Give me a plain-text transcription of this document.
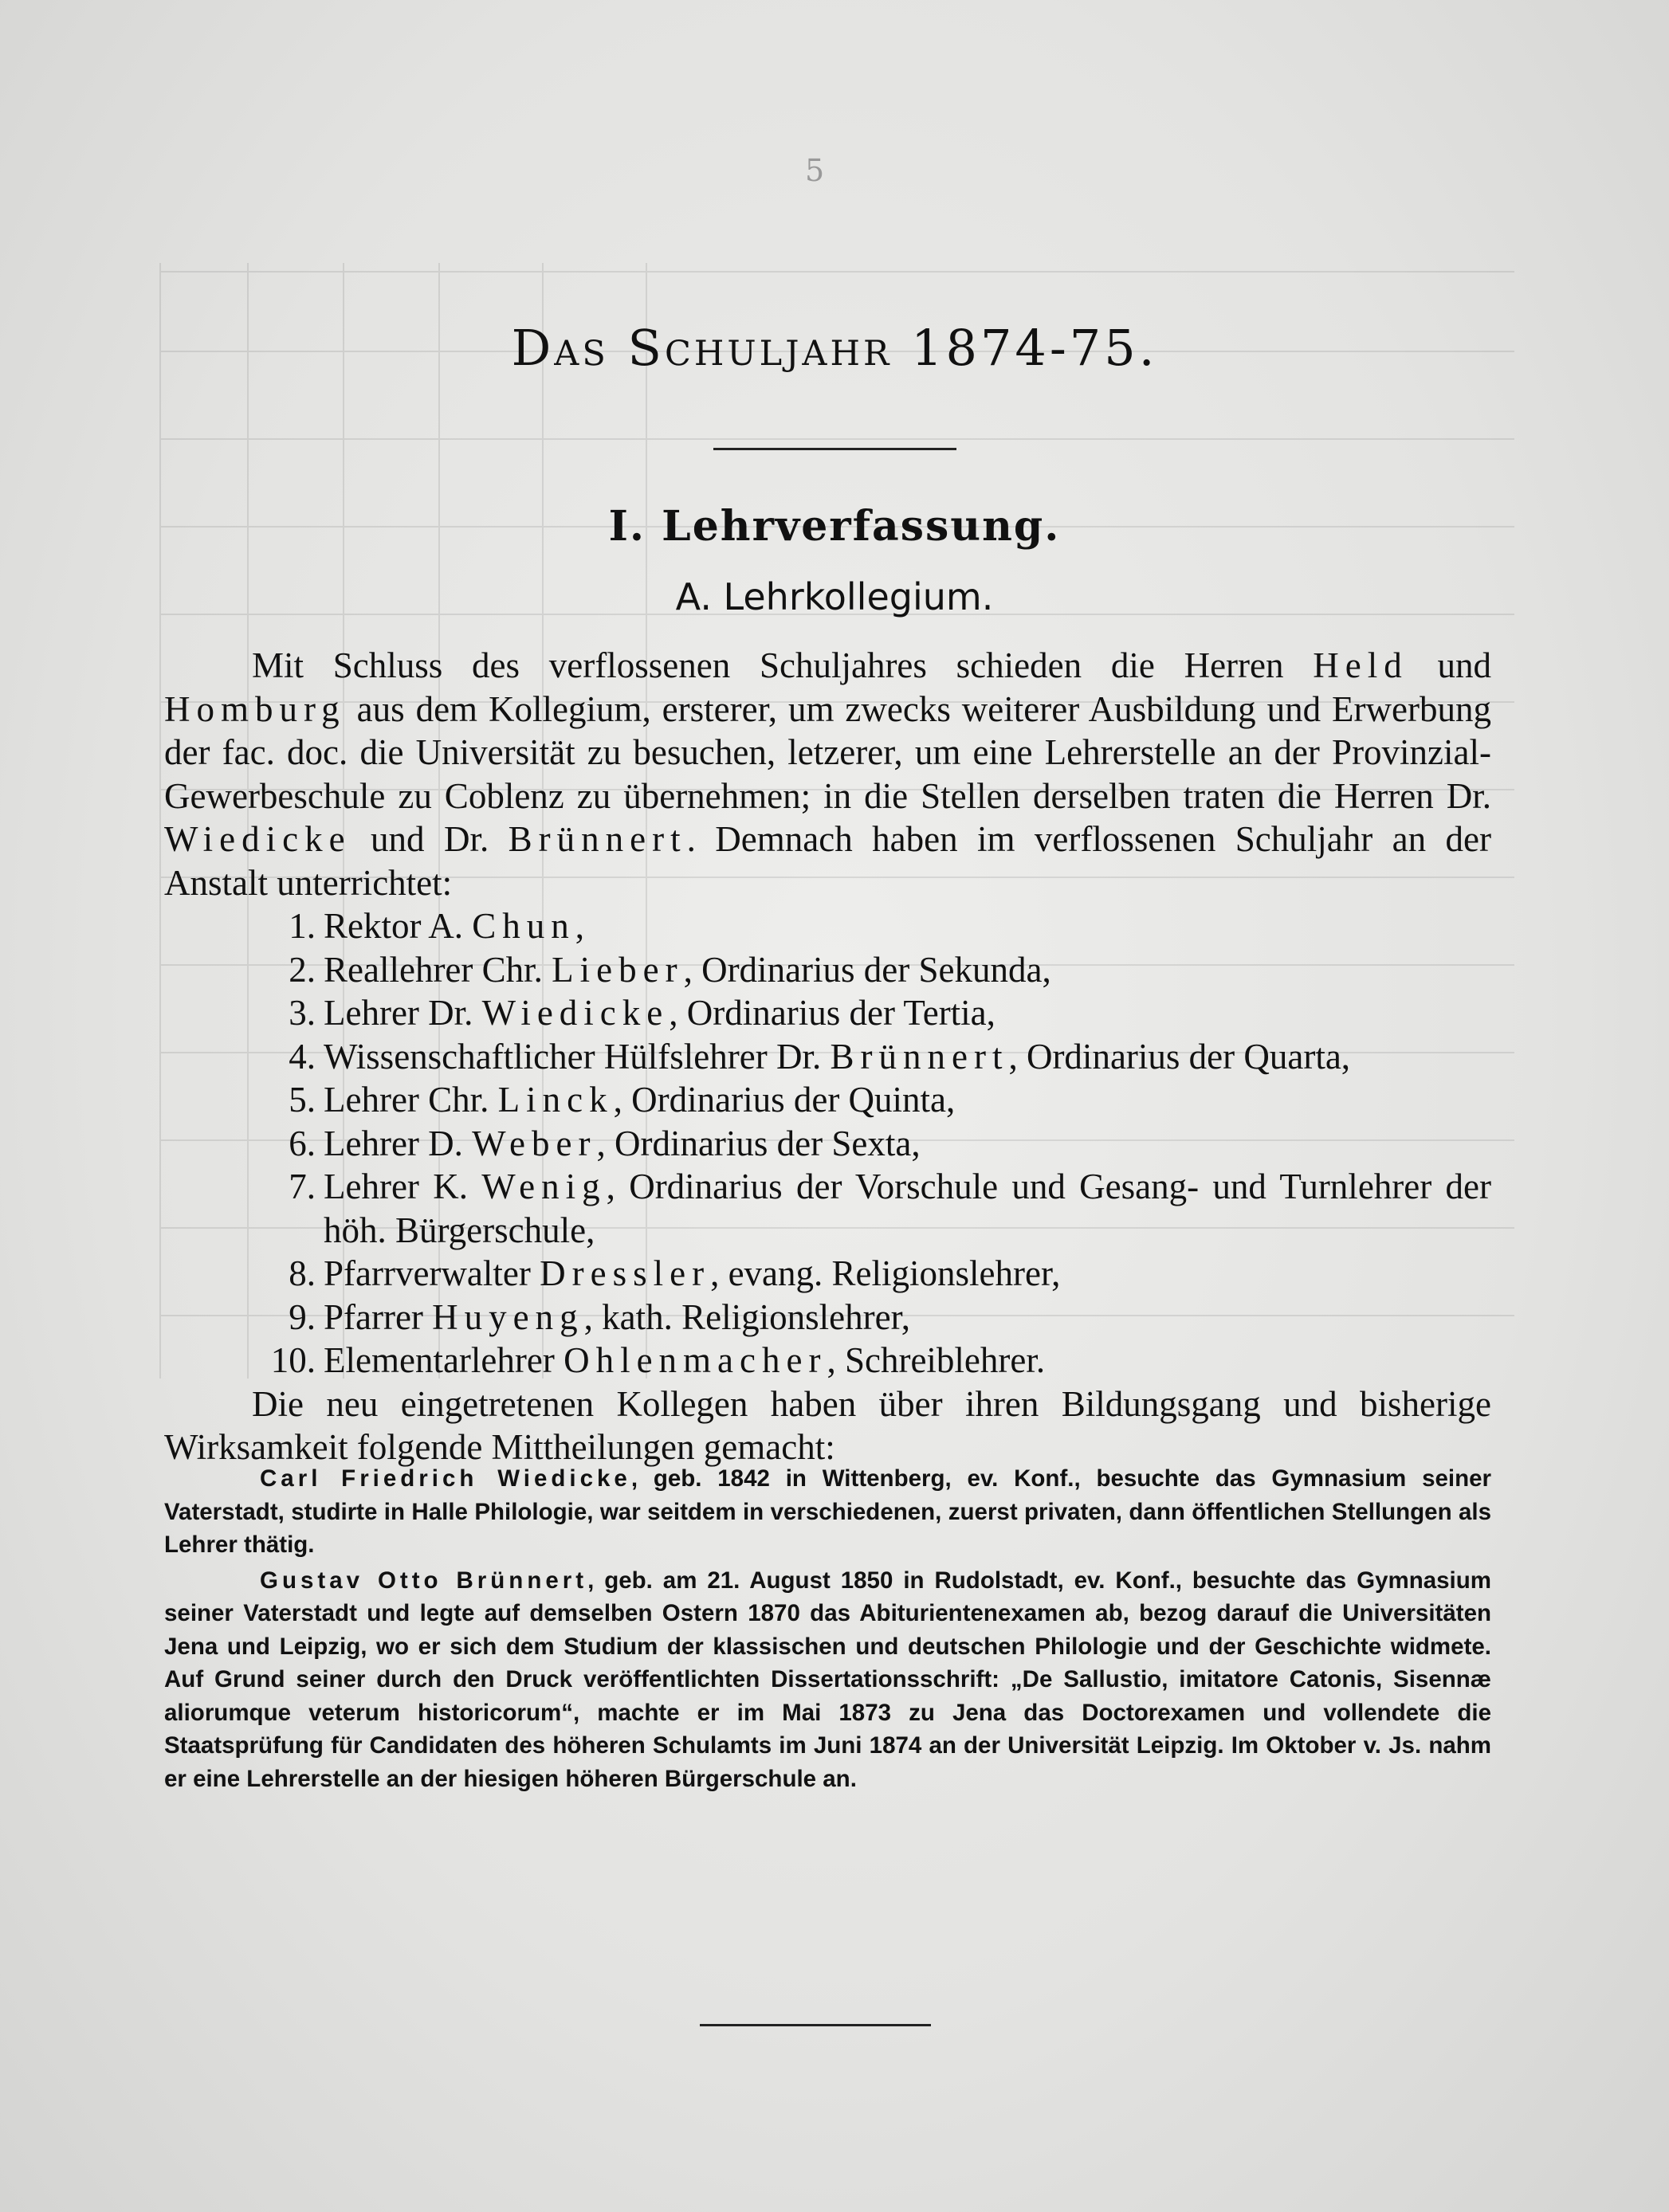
5
Das Schuljahr 1874-75.
I. Lehrverfassung.
A. Lehrkollegium.

Mit Schluss des verflossenen Schuljahres schieden die Herren Held und Homburg aus dem Kollegium, ersterer, um zwecks weiterer Ausbildung und Erwerbung der fac. doc. die Universität zu besuchen, letzerer, um eine Lehrerstelle an der Provinzial-Gewerbeschule zu Coblenz zu übernehmen; in die Stellen derselben traten die Herren Dr. Wiedicke und Dr. Brünnert. Demnach haben im verflossenen Schuljahr an der Anstalt unterrichtet:

1. Rektor A. Chun,
2. Reallehrer Chr. Lieber, Ordinarius der Sekunda,
3. Lehrer Dr. Wiedicke, Ordinarius der Tertia,
4. Wissenschaftlicher Hülfslehrer Dr. Brünnert, Ordinarius der Quarta,
5. Lehrer Chr. Linck, Ordinarius der Quinta,
6. Lehrer D. Weber, Ordinarius der Sexta,
7. Lehrer K. Wenig, Ordinarius der Vorschule und Gesang- und Turnlehrer der höh. Bürgerschule,
8. Pfarrverwalter Dressler, evang. Religionslehrer,
9. Pfarrer Huyeng, kath. Religionslehrer,
10. Elementarlehrer Ohlenmacher, Schreiblehrer.

Die neu eingetretenen Kollegen haben über ihren Bildungsgang und bisherige Wirksamkeit folgende Mittheilungen gemacht:

Carl Friedrich Wiedicke, geb. 1842 in Wittenberg, ev. Konf., besuchte das Gymnasium seiner Vaterstadt, studirte in Halle Philologie, war seitdem in verschiedenen, zuerst privaten, dann öffentlichen Stellungen als Lehrer thätig.

Gustav Otto Brünnert, geb. am 21. August 1850 in Rudolstadt, ev. Konf., besuchte das Gymnasium seiner Vaterstadt und legte auf demselben Ostern 1870 das Abiturientenexamen ab, bezog darauf die Universitäten Jena und Leipzig, wo er sich dem Studium der klassischen und deutschen Philologie und der Geschichte widmete. Auf Grund seiner durch den Druck veröffentlichten Dissertationsschrift: „De Sallustio, imitatore Catonis, Sisennæ aliorumque veterum historicorum“, machte er im Mai 1873 zu Jena das Doctorexamen und vollendete die Staatsprüfung für Candidaten des höheren Schulamts im Juni 1874 an der Universität Leipzig. Im Oktober v. Js. nahm er eine Lehrerstelle an der hiesigen höheren Bürgerschule an.
